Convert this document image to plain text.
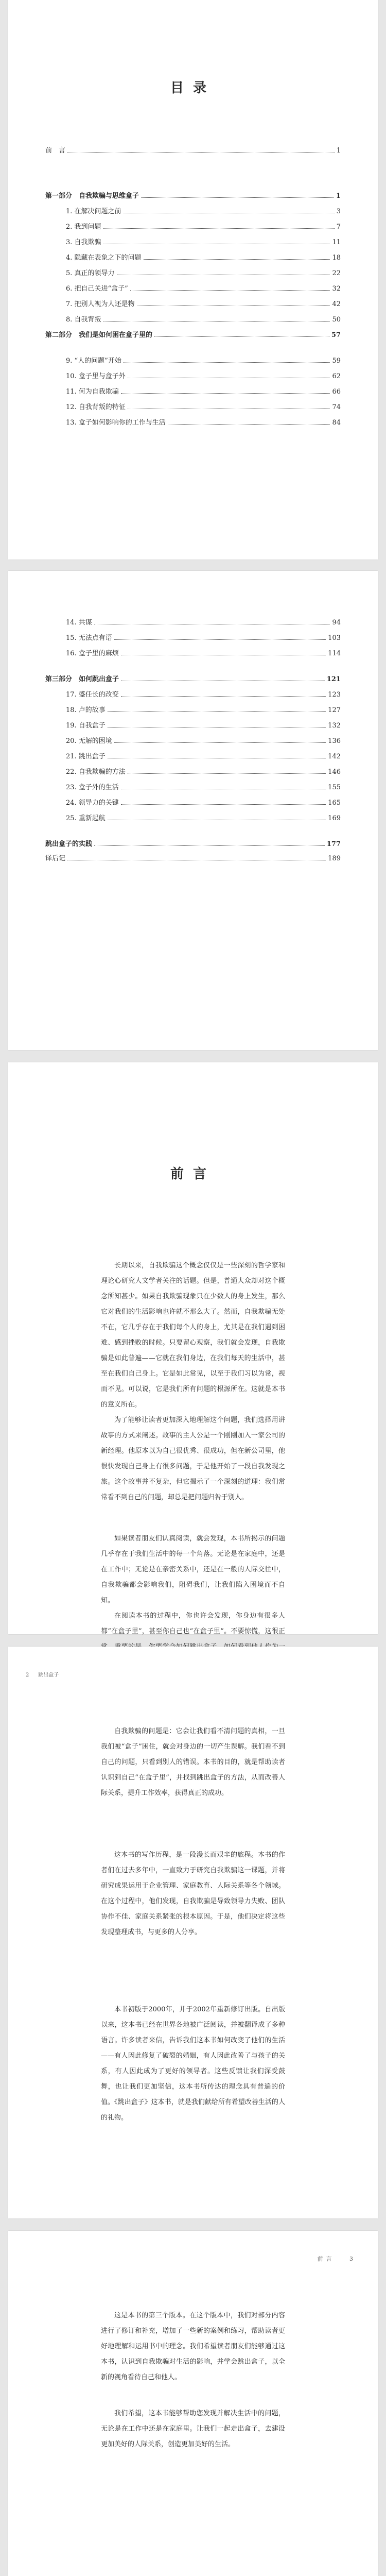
目录
前　言	1
第一部分　自我欺骗与思维盒子	1
1. 在解决问题之前	3
2. 我到问题	7
3. 自我欺骗	11
4. 隐藏在表象之下的问题	18
5. 真正的领导力	22
6. 把自己关进“盒子”	32
7. 把别人视为人还是物	42
8. 自我背叛	50
第二部分　我们是如何困在盒子里的	57
9. “人的问题”开始	59
10. 盒子里与盒子外	62
11. 何为自我欺骗	66
12. 自我背叛的特征	74
13. 盒子如何影响你的工作与生活	84
14. 共谋	94
15. 无法点有语	103
16. 盒子里的麻烦	114
第三部分　如何跳出盒子	121
17. 盛任长的改变	123
18. 卢的故事	127
19. 自我盒子	132
20. 无解的困境	136
21. 跳出盒子	142
22. 自我欺骗的方法	146
23. 盒子外的生活	155
24. 领导力的关键	165
25. 重新起航	169
跳出盒子的实践	177
译后记	189
前言

长期以来，自我欺骗这个概念仅仅是一些深刻的哲学家和理论心研究人文学者关注的话题。但是，普通大众却对这个概念所知甚少。如果自我欺骗现象只在少数人的身上发生，那么它对我们的生活影响也许就不那么大了。然而，自我欺骗无处不在，它几乎存在于我们每个人的身上，尤其是在我们遇到困难、感到挫败的时候。只要留心观察，我们就会发现，自我欺骗是如此普遍——它就在我们身边，在我们每天的生活中，甚至在我们自己身上。它是如此常见，以至于我们习以为常，视而不见。可以说，它是我们所有问题的根源所在。这就是本书的意义所在。

为了能够让读者更加深入地理解这个问题，我们选择用讲故事的方式来阐述。故事的主人公是一个刚刚加入一家公司的新经理。他原本以为自己很优秀、很成功，但在新公司里，他很快发现自己身上有很多问题，于是他开始了一段自我发现之旅。这个故事并不复杂，但它揭示了一个深刻的道理：我们常常看不到自己的问题，却总是把问题归咎于别人。

如果读者朋友们认真阅读，就会发现，本书所揭示的问题几乎存在于我们生活中的每一个角落。无论是在家庭中，还是在工作中；无论是在亲密关系中，还是在一般的人际交往中，自我欺骗都会影响我们，阻碍我们，让我们陷入困境而不自知。

在阅读本书的过程中，你也许会发现，你身边有很多人都“在盒子里”，甚至你自己也“在盒子里”。不要惊慌，这很正

2 跳出盒子

自我欺骗的问题是：它会让我们看不清问题的真相，一旦我们被“盒子”困住，就会对身边的一切产生误解。我们看不到自己的问题，只看到别人的错误。本书的目的，就是帮助读者认识到自己“在盒子里”，并找到跳出盒子的方法，从而改善人际关系，提升工作效率，获得真正的成功。

这本书的写作历程，是一段漫长而艰辛的旅程。本书的作者们在过去多年中，一直致力于研究自我欺骗这一课题，并将研究成果运用于企业管理、家庭教育、人际关系等各个领域。在这个过程中，他们发现，自我欺骗是导致领导力失败、团队协作不佳、家庭关系紧张的根本原因。于是，他们决定将这些发现整理成书，与更多的人分享。

本书初版于2000年，并于2002年重新修订出版。自出版以来，这本书已经在世界各地被广泛阅读，并被翻译成了多种语言。许多读者来信，告诉我们这本书如何改变了他们的生活——有人因此修复了破裂的婚姻，有人因此改善了与孩子的关系，有人因此成为了更好的领导者。这些反馈让我们深受鼓舞，也让我们更加坚信，这本书所传达的理念具有普遍的价值。《跳出盒子》这本书，就是我们献给所有希望改善生活的人的礼物。

前言	3

这是本书的第三个版本。在这个版本中，我们对部分内容进行了修订和补充，增加了一些新的案例和练习，帮助读者更好地理解和运用书中的理念。我们希望读者朋友们能够通过这本书，认识到自我欺骗对生活的影响，并学会跳出盒子，以全新的视角看待自己和他人。

我们希望，这本书能够帮助您发现并解决生活中的问题，无论是在工作中还是在家庭里。让我们一起走出盒子，去建设更加美好的人际关系，创造更加美好的生活。
